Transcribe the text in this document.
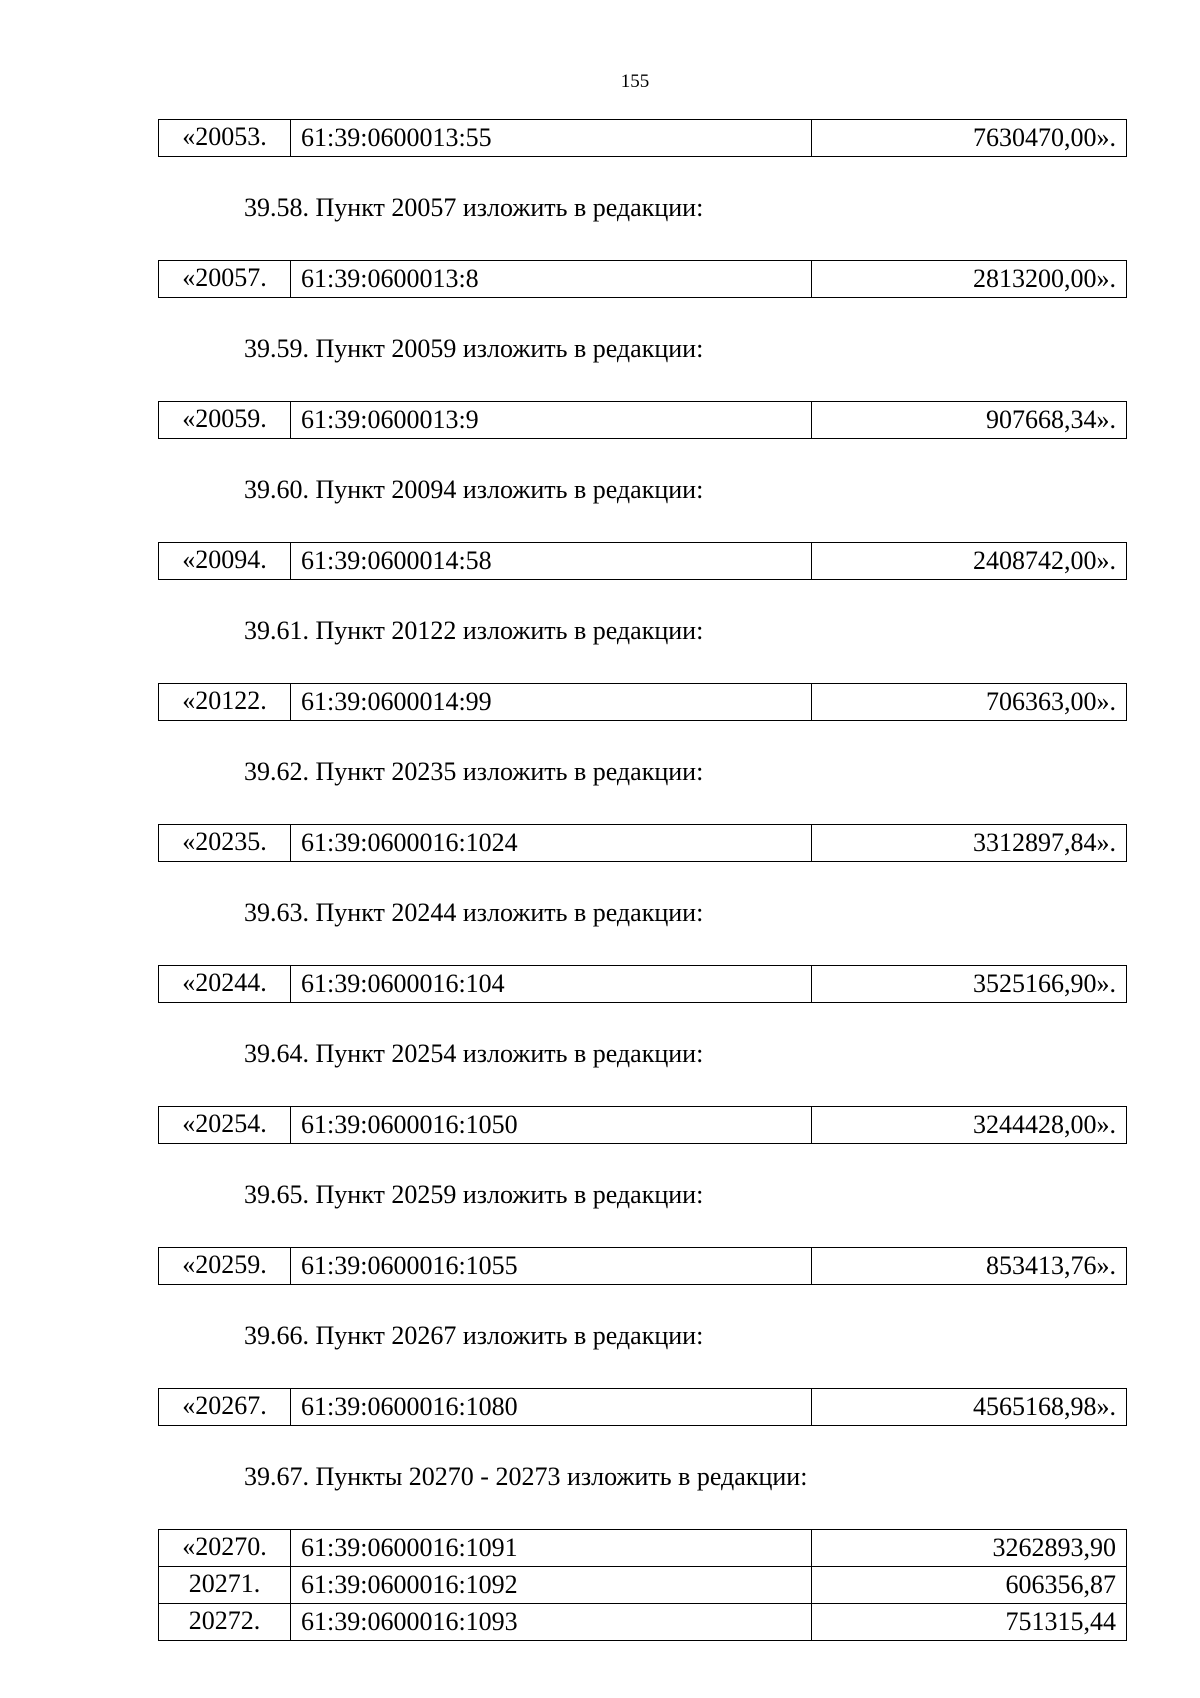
155
«20053.	61:39:0600013:55	7630470,00».
39.58. Пункт 20057 изложить в редакции:
«20057.	61:39:0600013:8	2813200,00».
39.59. Пункт 20059 изложить в редакции:
«20059.	61:39:0600013:9	907668,34».
39.60. Пункт 20094 изложить в редакции:
«20094.	61:39:0600014:58	2408742,00».
39.61. Пункт 20122 изложить в редакции:
«20122.	61:39:0600014:99	706363,00».
39.62. Пункт 20235 изложить в редакции:
«20235.	61:39:0600016:1024	3312897,84».
39.63. Пункт 20244 изложить в редакции:
«20244.	61:39:0600016:104	3525166,90».
39.64. Пункт 20254 изложить в редакции:
«20254.	61:39:0600016:1050	3244428,00».
39.65. Пункт 20259 изложить в редакции:
«20259.	61:39:0600016:1055	853413,76».
39.66. Пункт 20267 изложить в редакции:
«20267.	61:39:0600016:1080	4565168,98».
39.67. Пункты 20270 - 20273 изложить в редакции:
«20270.	61:39:0600016:1091	3262893,90
20271.	61:39:0600016:1092	606356,87
20272.	61:39:0600016:1093	751315,44
